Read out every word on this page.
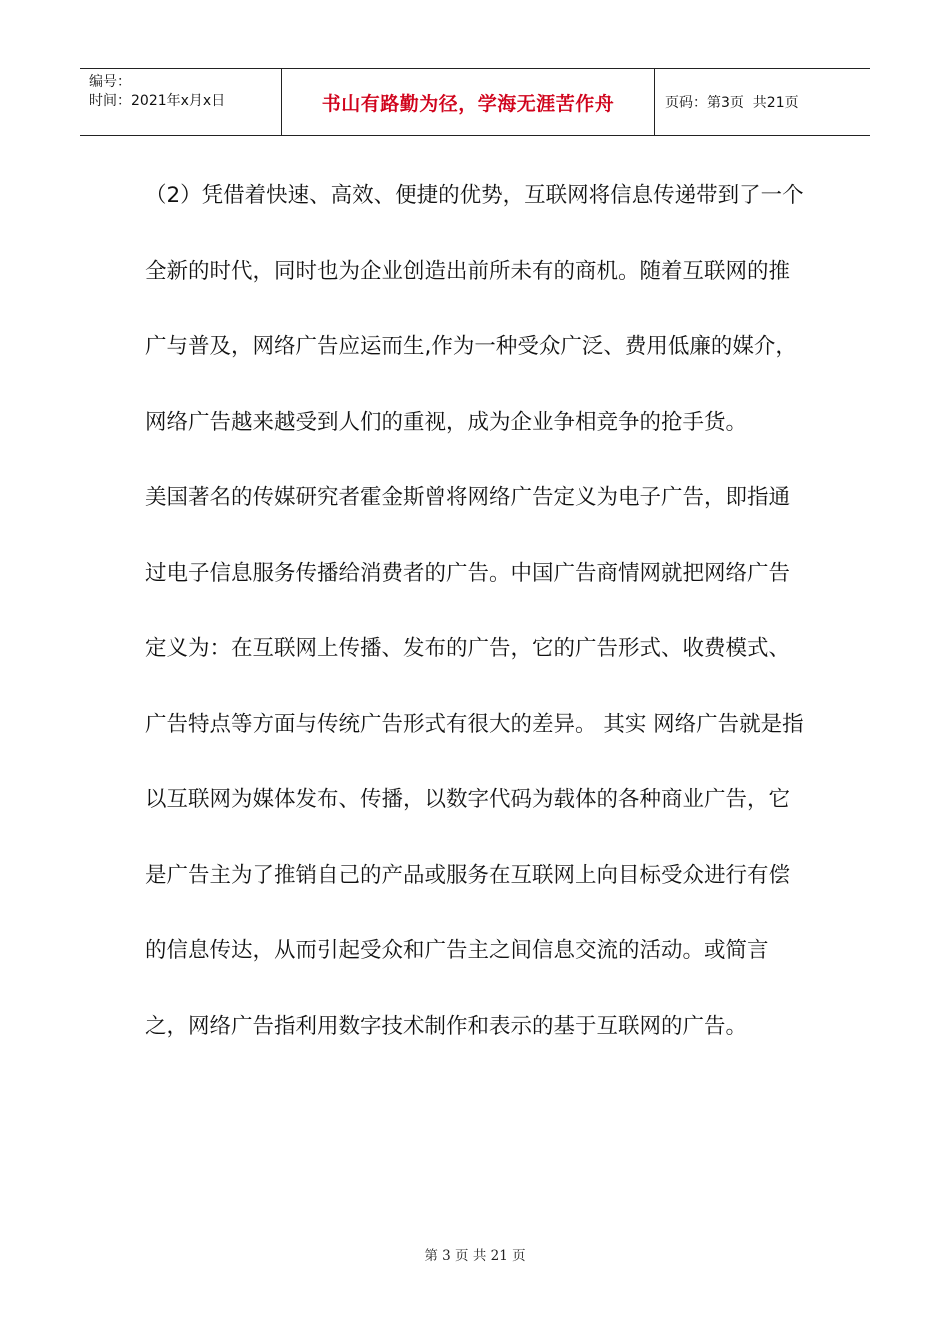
编号：
时间：2021年x月x日	书山有路勤为径，学海无涯苦作舟	页码：第3页  共21页

（2）凭借着快速、高效、便捷的优势，互联网将信息传递带到了一个全新的时代，同时也为企业创造出前所未有的商机。随着互联网的推广与普及，网络广告应运而生,作为一种受众广泛、费用低廉的媒介，网络广告越来越受到人们的重视，成为企业争相竞争的抢手货。

美国著名的传媒研究者霍金斯曾将网络广告定义为电子广告，即指通过电子信息服务传播给消费者的广告。中国广告商情网就把网络广告定义为：在互联网上传播、发布的广告，它的广告形式、收费模式、广告特点等方面与传统广告形式有很大的差异。 其实 网络广告就是指以互联网为媒体发布、传播，以数字代码为载体的各种商业广告，它是广告主为了推销自己的产品或服务在互联网上向目标受众进行有偿的信息传达，从而引起受众和广告主之间信息交流的活动。或简言之，网络广告指利用数字技术制作和表示的基于互联网的广告。

第 3 页 共 21 页
